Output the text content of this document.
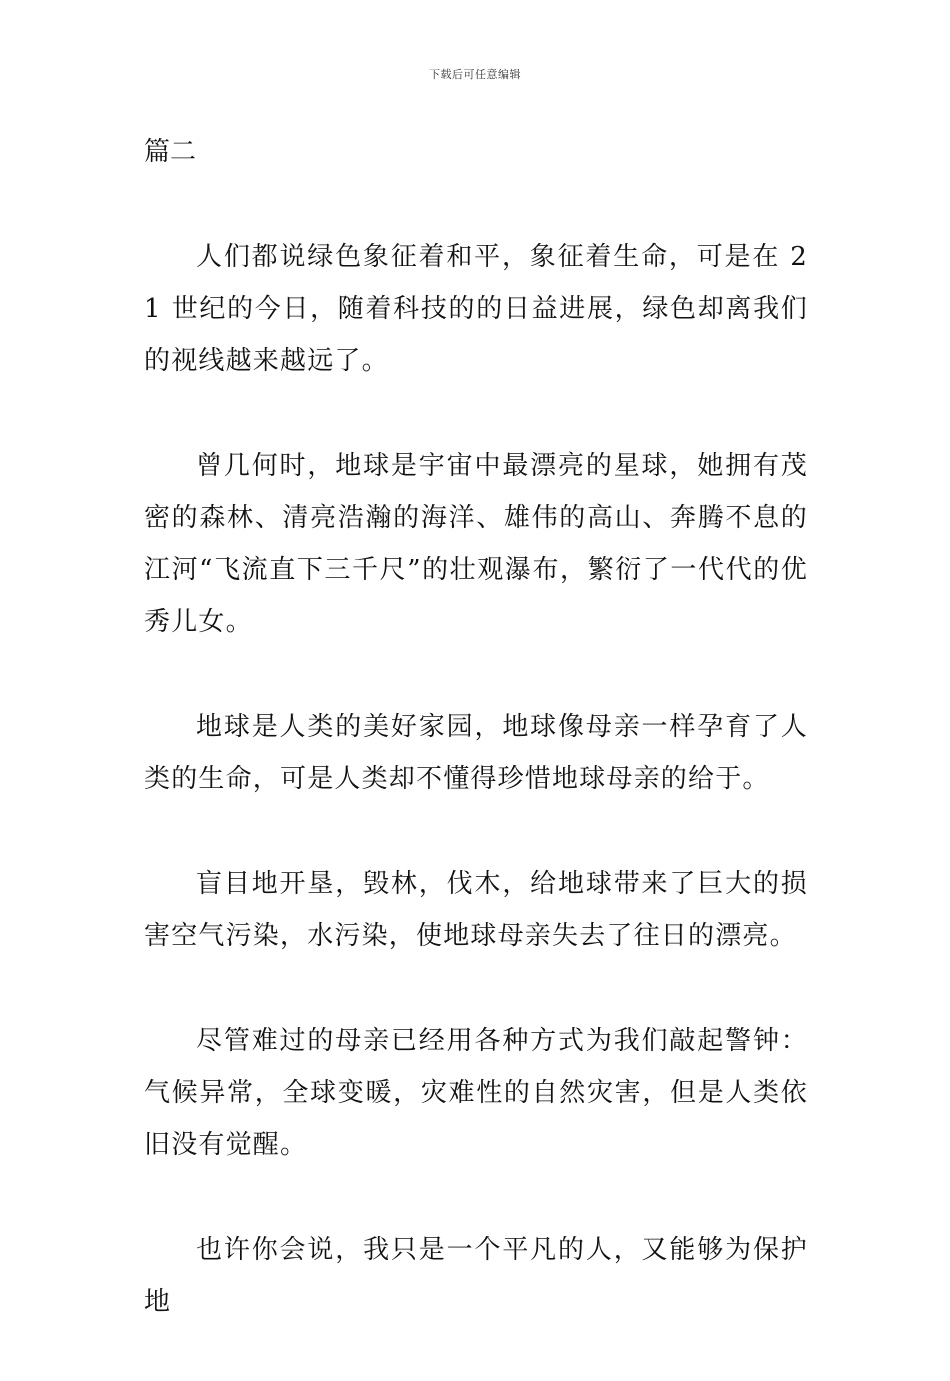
下载后可任意编辑
篇二

人们都说绿色象征着和平，象征着生命，可是在 21 世纪的今日，随着科技的的日益进展，绿色却离我们的视线越来越远了。

曾几何时，地球是宇宙中最漂亮的星球，她拥有茂密的森林、清亮浩瀚的海洋、雄伟的高山、奔腾不息的江河“飞流直下三千尺”的壮观瀑布，繁衍了一代代的优秀儿女。

地球是人类的美好家园，地球像母亲一样孕育了人类的生命，可是人类却不懂得珍惜地球母亲的给于。

盲目地开垦，毁林，伐木，给地球带来了巨大的损害空气污染，水污染，使地球母亲失去了往日的漂亮。

尽管难过的母亲已经用各种方式为我们敲起警钟：气候异常，全球变暖，灾难性的自然灾害，但是人类依旧没有觉醒。

也许你会说，我只是一个平凡的人，又能够为保护地
